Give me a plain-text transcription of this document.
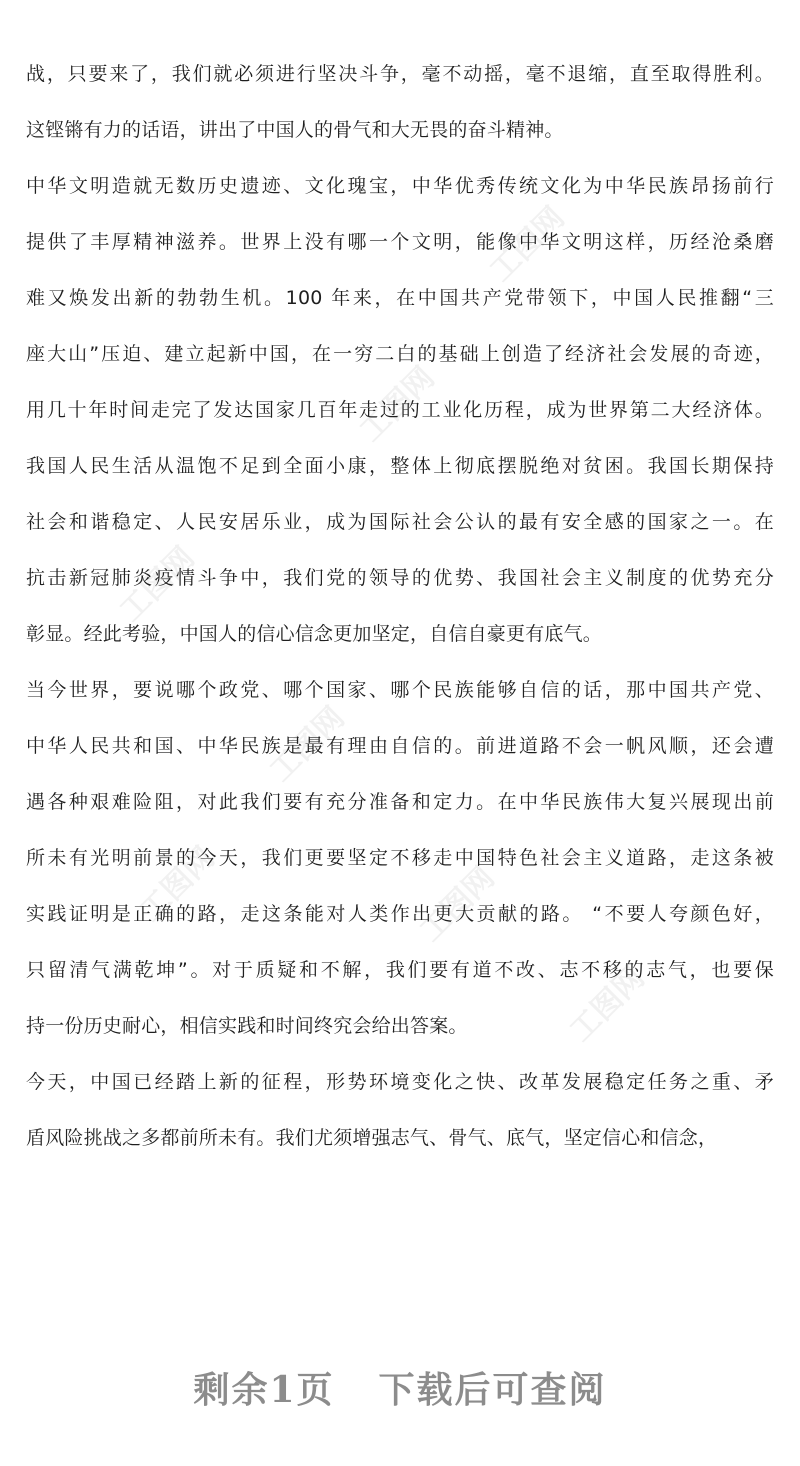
工图网
工图网
工图网
工图网
工图网
工图网
工图网
战，只要来了，我们就必须进行坚决斗争，毫不动摇，毫不退缩，直至取得胜利。
这铿锵有力的话语，讲出了中国人的骨气和大无畏的奋斗精神。
中华文明造就无数历史遗迹、文化瑰宝，中华优秀传统文化为中华民族昂扬前行
提供了丰厚精神滋养。世界上没有哪一个文明，能像中华文明这样，历经沧桑磨
难又焕发出新的勃勃生机。100 年来，在中国共产党带领下，中国人民推翻“三
座大山”压迫、建立起新中国，在一穷二白的基础上创造了经济社会发展的奇迹，
用几十年时间走完了发达国家几百年走过的工业化历程，成为世界第二大经济体。
我国人民生活从温饱不足到全面小康，整体上彻底摆脱绝对贫困。我国长期保持
社会和谐稳定、人民安居乐业，成为国际社会公认的最有安全感的国家之一。在
抗击新冠肺炎疫情斗争中，我们党的领导的优势、我国社会主义制度的优势充分
彰显。经此考验，中国人的信心信念更加坚定，自信自豪更有底气。
当今世界，要说哪个政党、哪个国家、哪个民族能够自信的话，那中国共产党、
中华人民共和国、中华民族是最有理由自信的。前进道路不会一帆风顺，还会遭
遇各种艰难险阻，对此我们要有充分准备和定力。在中华民族伟大复兴展现出前
所未有光明前景的今天，我们更要坚定不移走中国特色社会主义道路，走这条被
实践证明是正确的路，走这条能对人类作出更大贡献的路。 “不要人夸颜色好，
只留清气满乾坤”。对于质疑和不解，我们要有道不改、志不移的志气，也要保
持一份历史耐心，相信实践和时间终究会给出答案。
今天，中国已经踏上新的征程，形势环境变化之快、改革发展稳定任务之重、矛
盾风险挑战之多都前所未有。我们尤须增强志气、骨气、底气，坚定信心和信念，
剩余1页 下载后可查阅
